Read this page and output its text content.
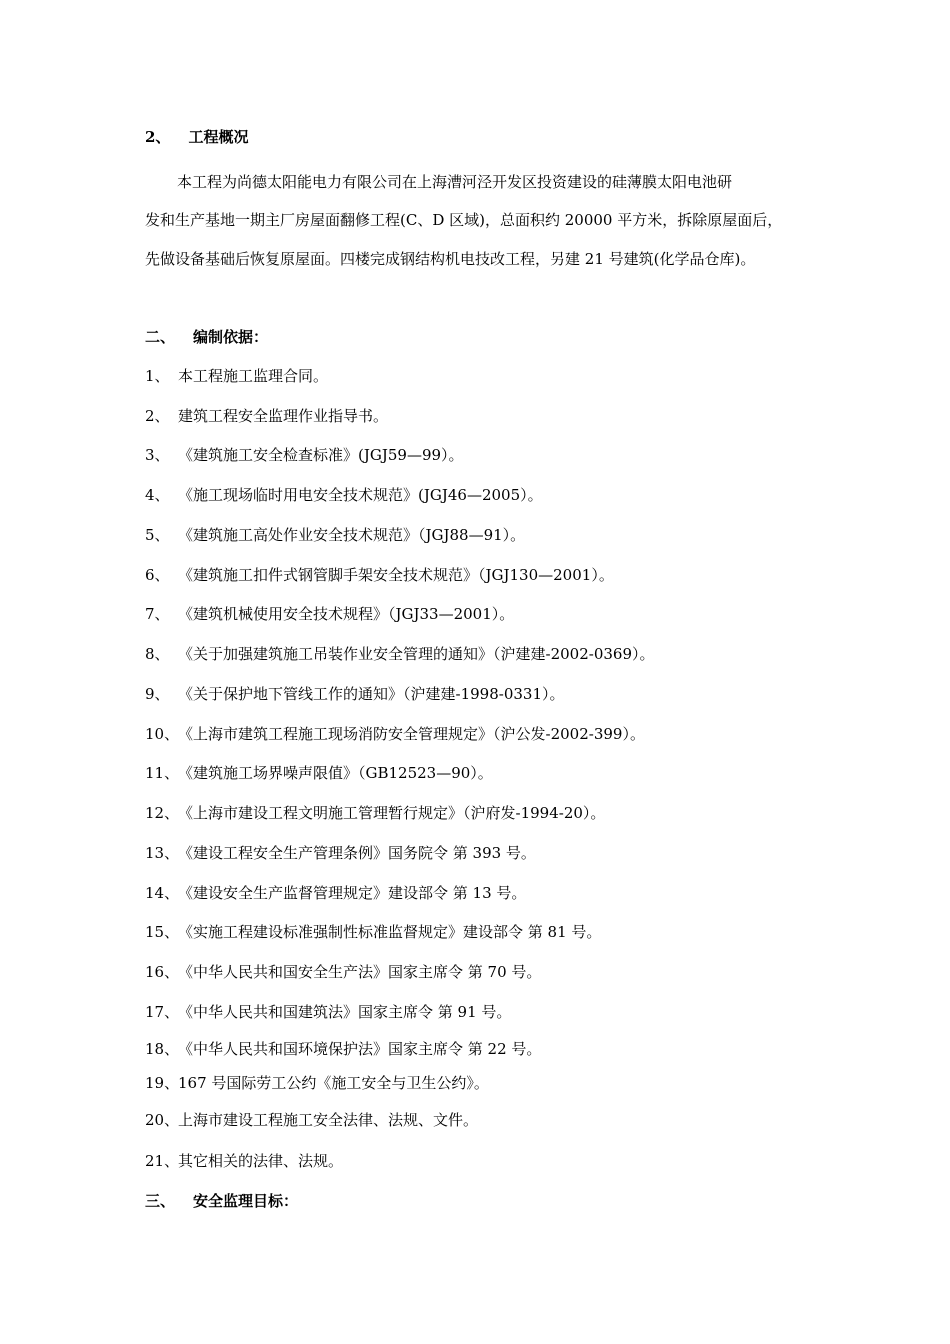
2、 工程概况
本工程为尚德太阳能电力有限公司在上海漕河泾开发区投资建设的硅薄膜太阳电池研
发和生产基地一期主厂房屋面翻修工程(C、D 区域)，总面积约 20000 平方米，拆除原屋面后，
先做设备基础后恢复原屋面。四楼完成钢结构机电技改工程，另建 21 号建筑(化学品仓库)。
二、 编制依据：
1、 本工程施工监理合同。
2、 建筑工程安全监理作业指导书。
3、 《建筑施工安全检查标准》(JGJ59—99）。
4、 《施工现场临时用电安全技术规范》(JGJ46—2005）。
5、 《建筑施工高处作业安全技术规范》（JGJ88—91）。
6、 《建筑施工扣件式钢管脚手架安全技术规范》（JGJ130—2001）。
7、 《建筑机械使用安全技术规程》（JGJ33—2001）。
8、 《关于加强建筑施工吊装作业安全管理的通知》（沪建建-2002-0369）。
9、 《关于保护地下管线工作的通知》（沪建建-1998-0331）。
10、《上海市建筑工程施工现场消防安全管理规定》（沪公发-2002-399）。
11、《建筑施工场界噪声限值》（GB12523—90）。
12、《上海市建设工程文明施工管理暂行规定》（沪府发-1994-20）。
13、《建设工程安全生产管理条例》国务院令 第 393 号。
14、《建设安全生产监督管理规定》建设部令 第 13 号。
15、《实施工程建设标准强制性标准监督规定》建设部令 第 81 号。
16、《中华人民共和国安全生产法》国家主席令 第 70 号。
17、《中华人民共和国建筑法》国家主席令 第 91 号。
18、《中华人民共和国环境保护法》国家主席令 第 22 号。
19、167 号国际劳工公约《施工安全与卫生公约》。
20、上海市建设工程施工安全法律、法规、文件。
21、其它相关的法律、法规。
三、 安全监理目标：
